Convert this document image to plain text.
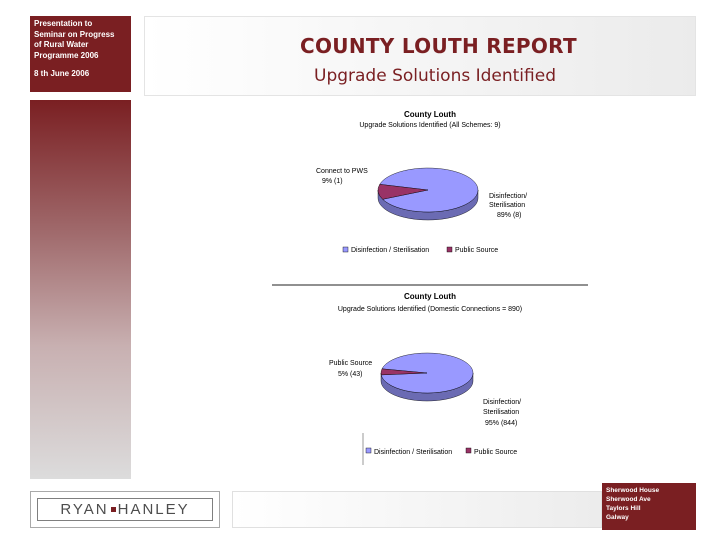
Presentation to
Seminar on Progress
of Rural Water
Programme 2006
8 th June 2006
COUNTY LOUTH REPORT
Upgrade Solutions Identified
County Louth
Upgrade Solutions Identified (All Schemes: 9)
Connect to PWS
9% (1)
Disinfection/
Sterilisation
89% (8)
Disinfection / Sterilisation	Public Source
County Louth
Upgrade Solutions Identified (Domestic Connections = 890)
Public Source
5% (43)
Disinfection/
Sterilisation
95% (844)
Disinfection / Sterilisation	Public Source
RYAN HANLEY
Sherwood House
Sherwood Ave
Taylors Hill
Galway
